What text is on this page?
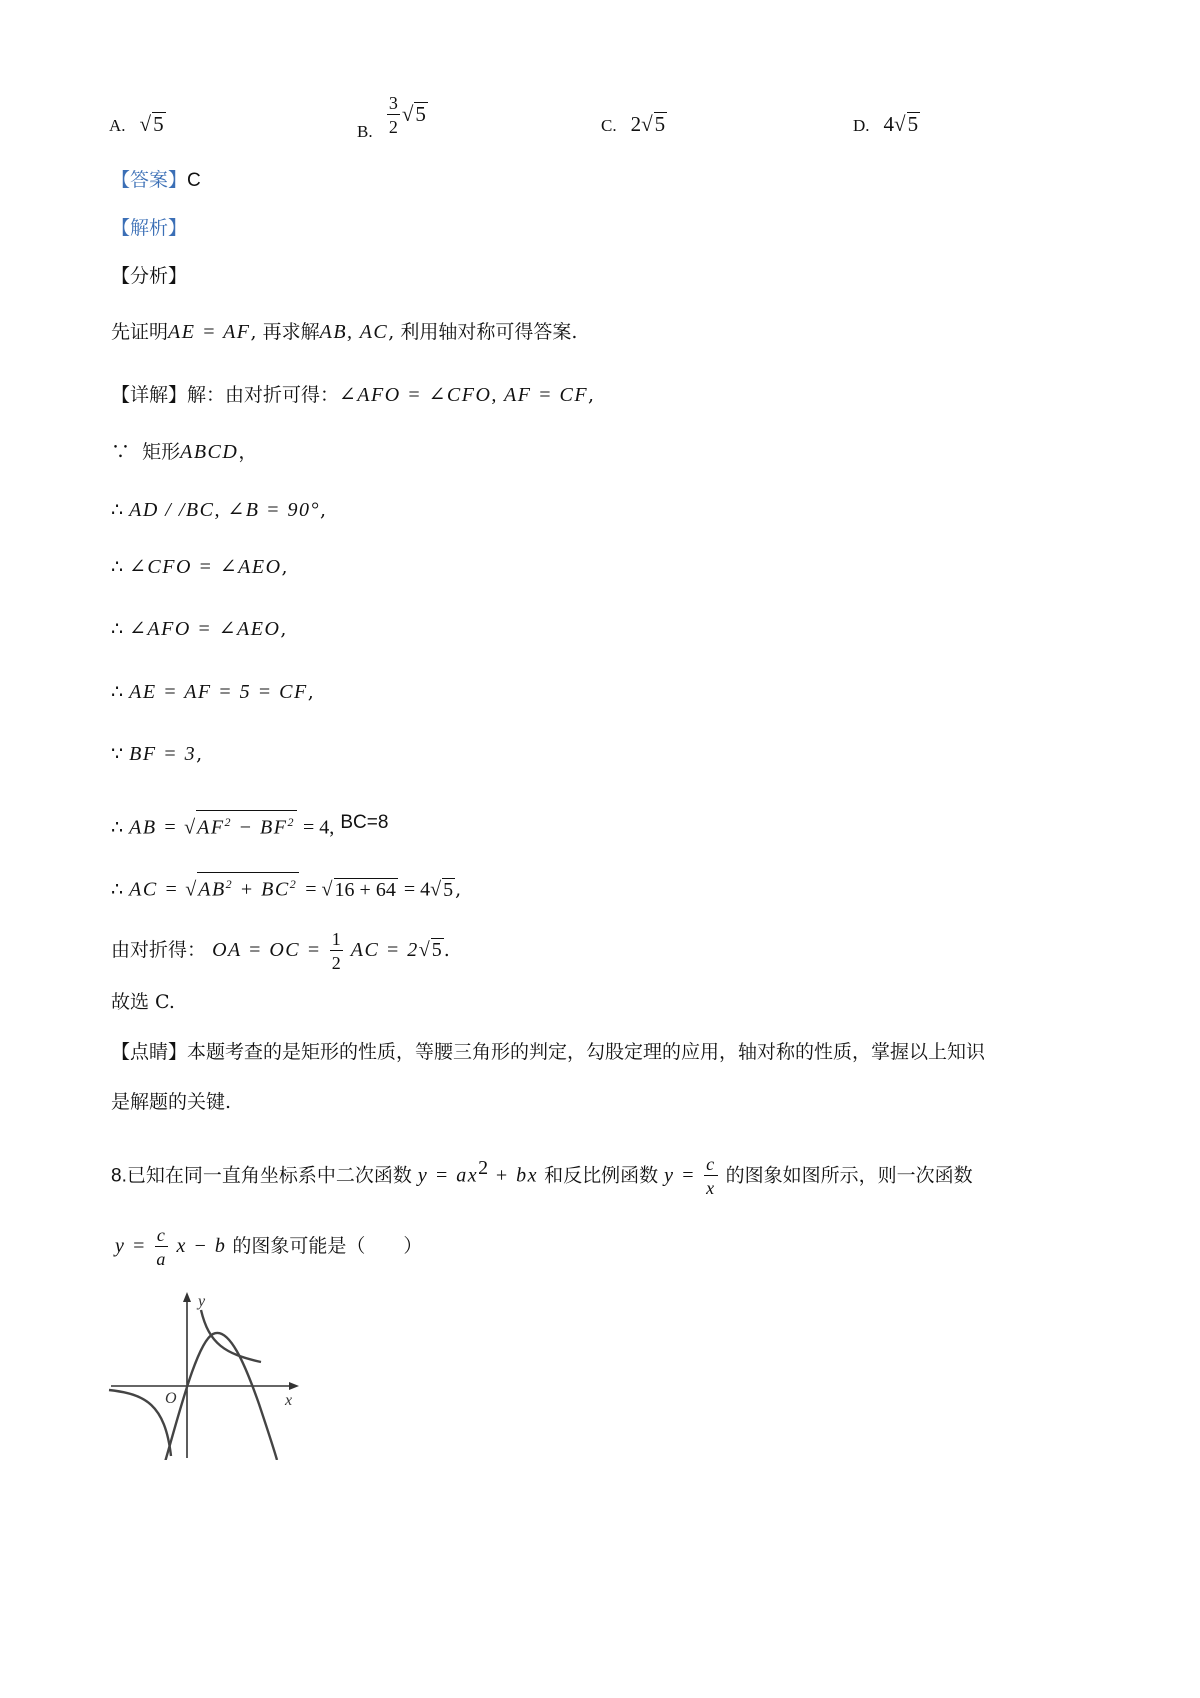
A. √5	B. $\frac{3}{2} √5$	C. 2√5	D. 4√5
【答案】C
【解析】
【分析】
先证明AE = AF, 再求解AB, AC, 利用轴对称可得答案.
【详解】解：由对折可得：∠AFO = ∠CFO, AF = CF,
∵ 矩形ABCD，
∴ AD / /BC, ∠B = 90°,
∴ ∠CFO = ∠AEO,
∴ ∠AFO = ∠AEO,
∴ AE = AF = 5 = CF,
∵ BF = 3,
∴ AB = √ $AF^2 - BF^2 = 4$, BC=8
∴ AC = √ $AB^2 + BC^2$ = √ 16 + 64 = 4√ 5 ,
由对折得： OA = OC = $\frac{1}{2}$ AC = 2√ 5 .
故选 C.
【点睛】本题考查的是矩形的性质，等腰三角形的判定，勾股定理的应用，轴对称的性质，掌握以上知识
是解题的关键.
8.已知在同一直角坐标系中二次函数 $y = ax^2$ + bx 和反比例函数 $y = \frac{c}{x}$ 的图象如图所示，则一次函数
$y = \frac{c}{a}$ x − b 的图象可能是（　　）
y
x
O
